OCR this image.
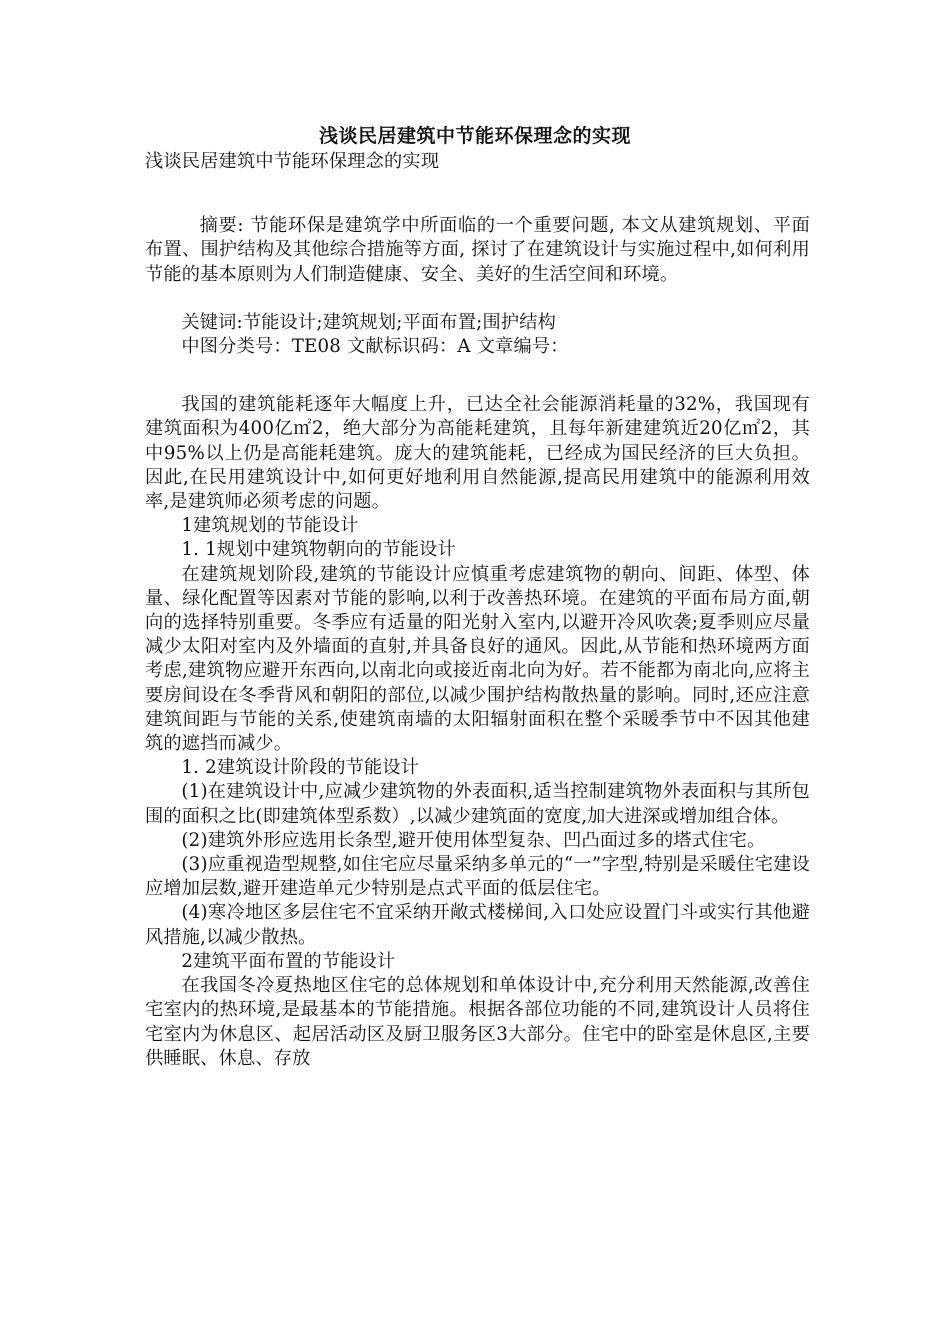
浅谈民居建筑中节能环保理念的实现

浅谈民居建筑中节能环保理念的实现

摘要: 节能环保是建筑学中所面临的一个重要问题, 本文从建筑规划、平面布置、围护结构及其他综合措施等方面, 探讨了在建筑设计与实施过程中,如何利用节能的基本原则为人们制造健康、安全、美好的生活空间和环境。

关键词:节能设计;建筑规划;平面布置;围护结构

中图分类号：TE08 文献标识码：A 文章编号：

我国的建筑能耗逐年大幅度上升，已达全社会能源消耗量的32%，我国现有建筑面积为400亿㎡2，绝大部分为高能耗建筑，且每年新建建筑近20亿㎡2，其中95%以上仍是高能耗建筑。庞大的建筑能耗，已经成为国民经济的巨大负担。因此,在民用建筑设计中,如何更好地利用自然能源,提高民用建筑中的能源利用效率,是建筑师必须考虑的问题。

1建筑规划的节能设计

1. 1规划中建筑物朝向的节能设计

在建筑规划阶段,建筑的节能设计应慎重考虑建筑物的朝向、间距、体型、体量、绿化配置等因素对节能的影响,以利于改善热环境。在建筑的平面布局方面,朝向的选择特别重要。冬季应有适量的阳光射入室内,以避开冷风吹袭;夏季则应尽量减少太阳对室内及外墙面的直射,并具备良好的通风。因此,从节能和热环境两方面考虑,建筑物应避开东西向,以南北向或接近南北向为好。若不能都为南北向,应将主要房间设在冬季背风和朝阳的部位,以减少围护结构散热量的影响。同时,还应注意建筑间距与节能的关系,使建筑南墙的太阳辐射面积在整个采暖季节中不因其他建筑的遮挡而减少。

1. 2建筑设计阶段的节能设计

(1)在建筑设计中,应减少建筑物的外表面积,适当控制建筑物外表面积与其所包围的面积之比(即建筑体型系数）,以减少建筑面的宽度,加大进深或增加组合体。

(2)建筑外形应选用长条型,避开使用体型复杂、凹凸面过多的塔式住宅。

(3)应重视造型规整,如住宅应尽量采纳多单元的“一”字型,特别是采暖住宅建设应增加层数,避开建造单元少特别是点式平面的低层住宅。

(4)寒冷地区多层住宅不宜采纳开敞式楼梯间,入口处应设置门斗或实行其他避风措施,以减少散热。

2建筑平面布置的节能设计

在我国冬冷夏热地区住宅的总体规划和单体设计中,充分利用天然能源,改善住宅室内的热环境,是最基本的节能措施。根据各部位功能的不同,建筑设计人员将住宅室内为休息区、起居活动区及厨卫服务区3大部分。住宅中的卧室是休息区,主要供睡眠、休息、存放
